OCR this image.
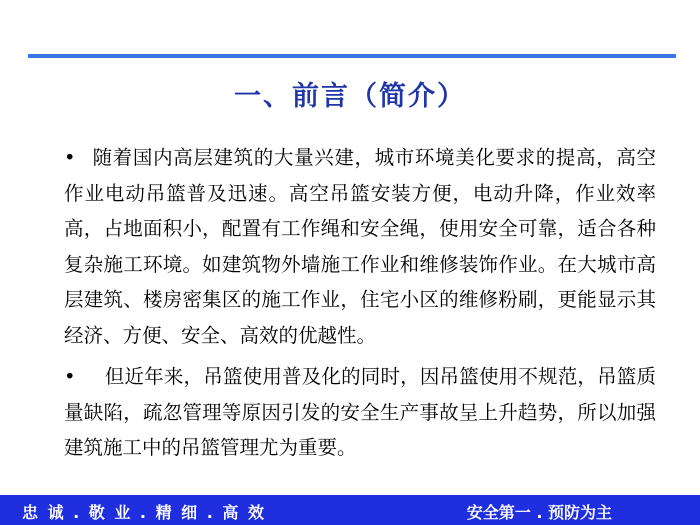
一、前言（简介）

• 随着国内高层建筑的大量兴建，城市环境美化要求的提高，高空作业电动吊篮普及迅速。高空吊篮安装方便，电动升降，作业效率高，占地面积小，配置有工作绳和安全绳，使用安全可靠，适合各种复杂施工环境。如建筑物外墙施工作业和维修装饰作业。在大城市高层建筑、楼房密集区的施工作业，住宅小区的维修粉刷，更能显示其经济、方便、安全、高效的优越性。

•  但近年来，吊篮使用普及化的同时，因吊篮使用不规范，吊篮质量缺陷，疏忽管理等原因引发的安全生产事故呈上升趋势，所以加强建筑施工中的吊篮管理尤为重要。

忠 诚 . 敬 业 . 精 细 . 高 效	安全第一 . 预防为主
